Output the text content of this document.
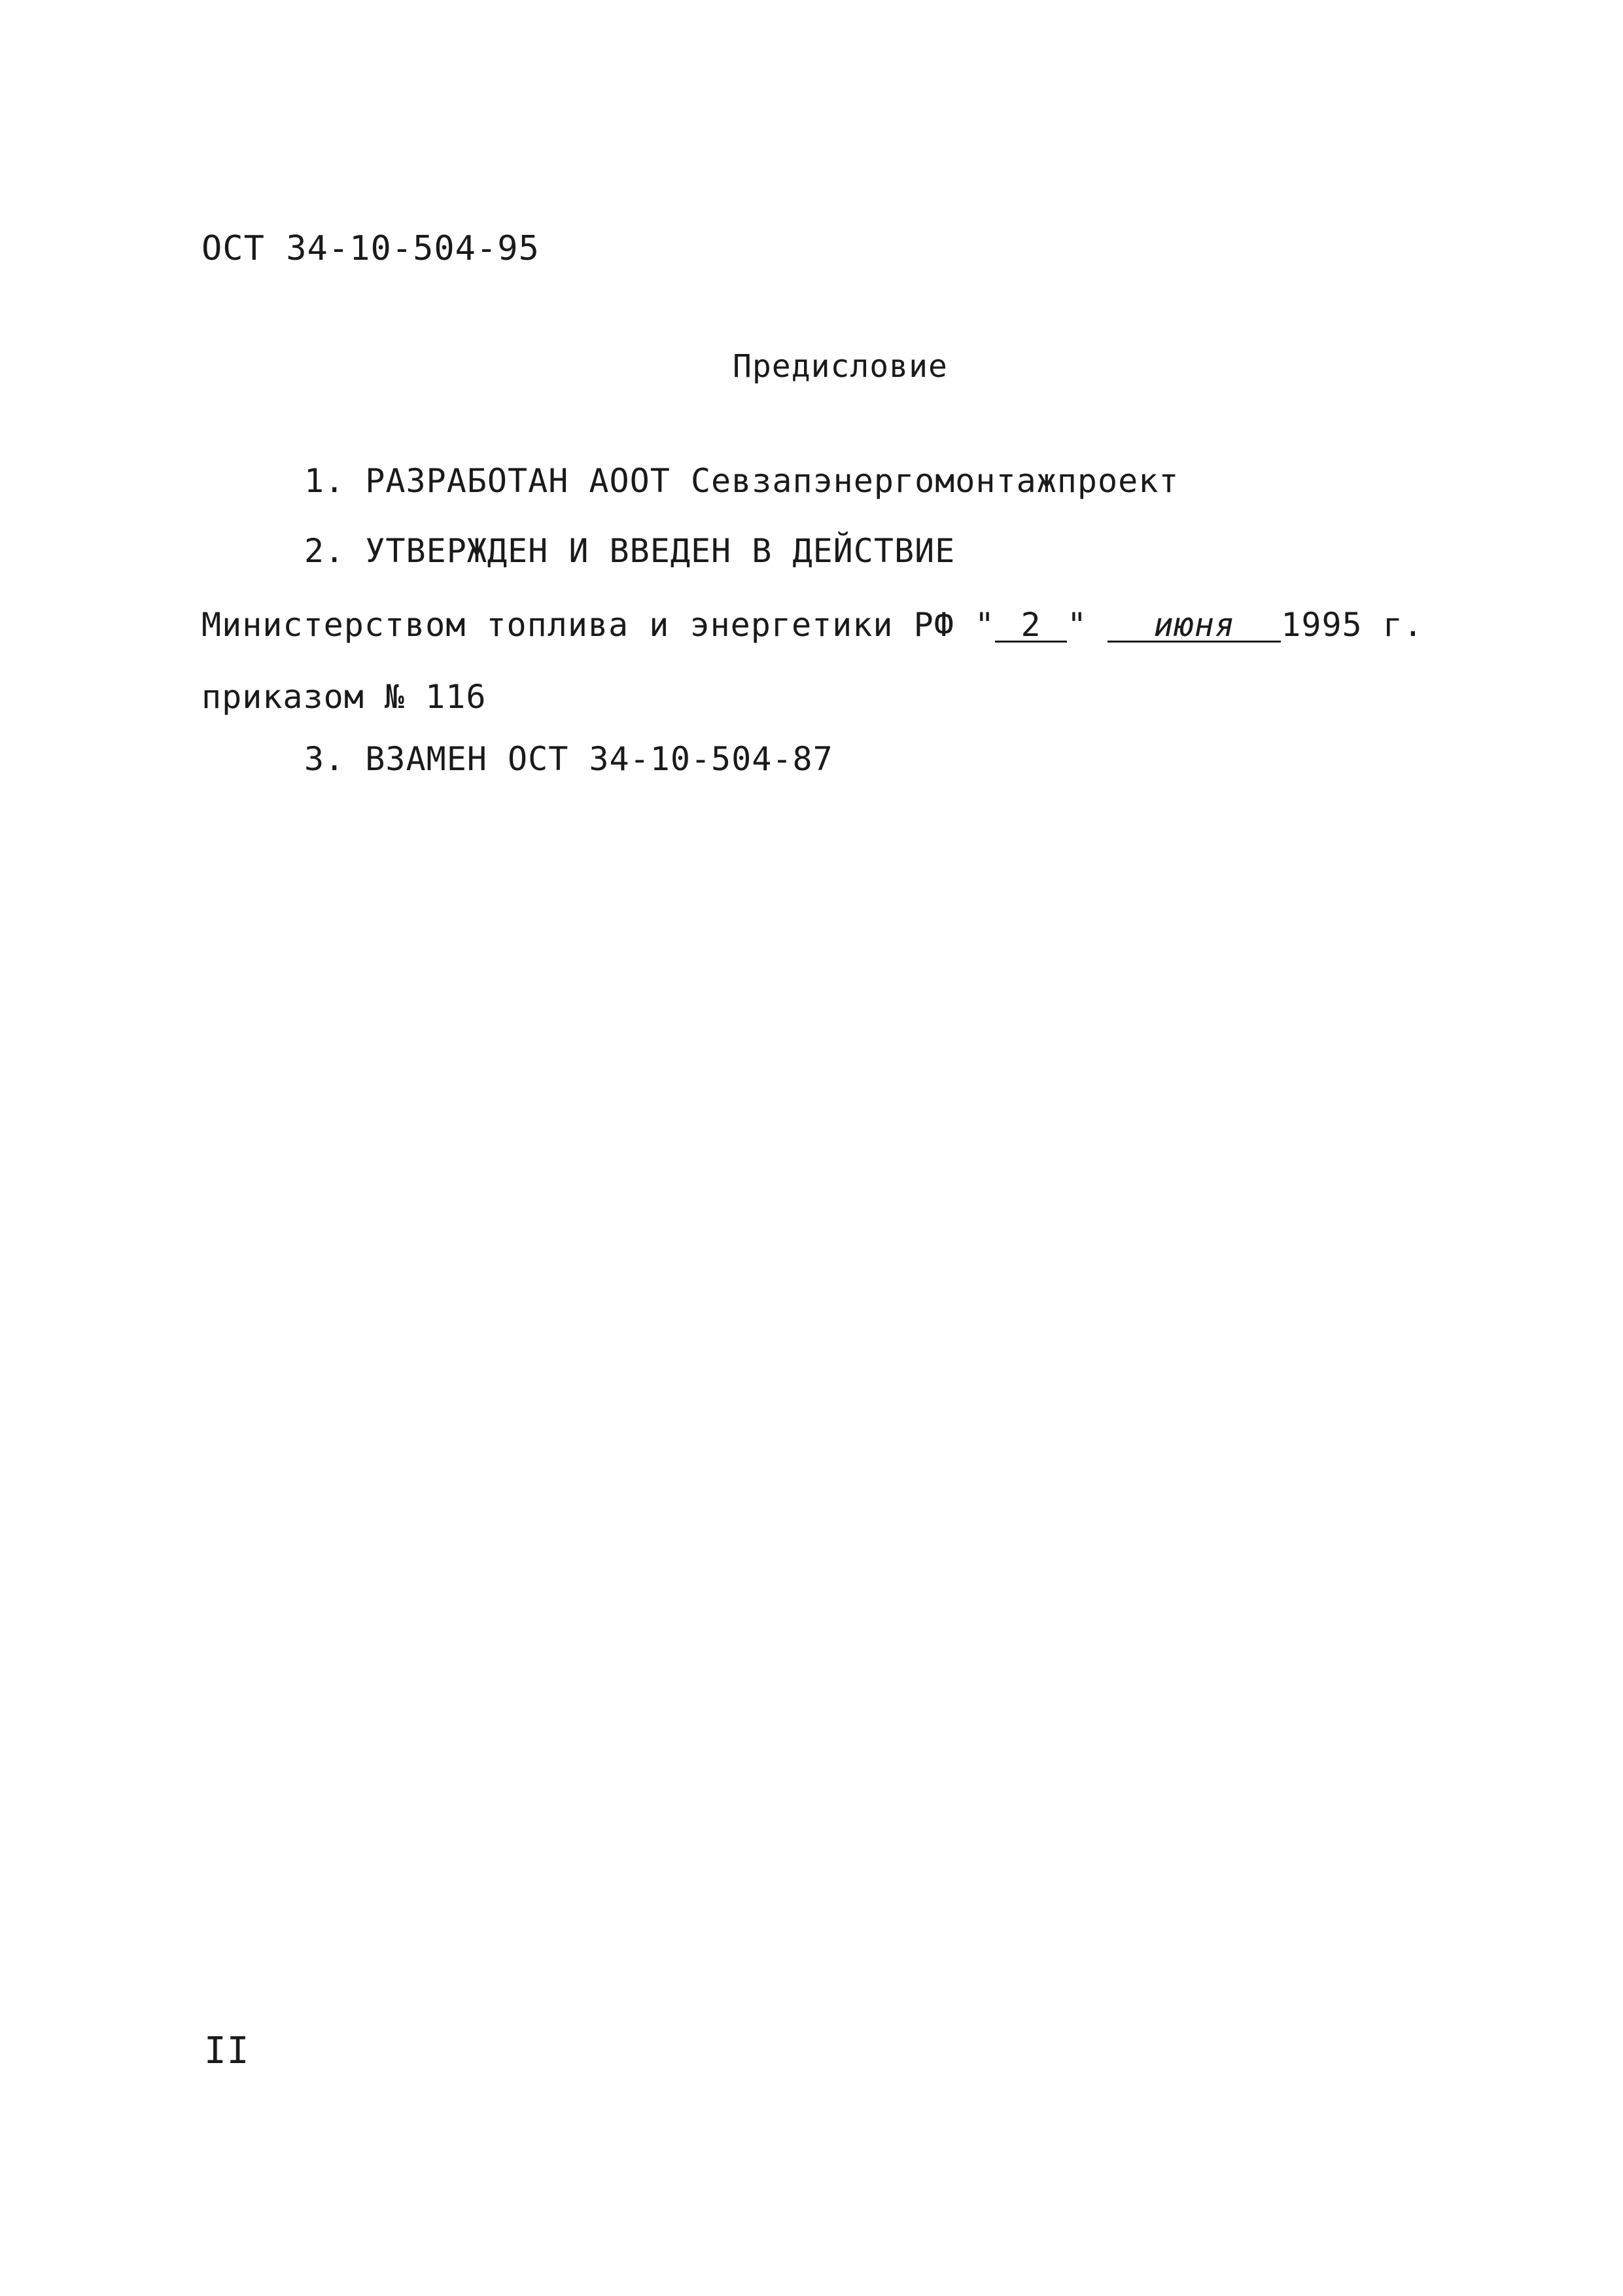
ОСТ 34-10-504-95
Предисловие
1. РАЗРАБОТАН АООТ Севзапэнергомонтажпроект
2. УТВЕРЖДЕН И ВВЕДЕН В ДЕЙСТВИЕ
Министерством топлива и энергетики РФ " 2 " июня 1995 г.
приказом № 116
3. ВЗАМЕН ОСТ 34-10-504-87
II
